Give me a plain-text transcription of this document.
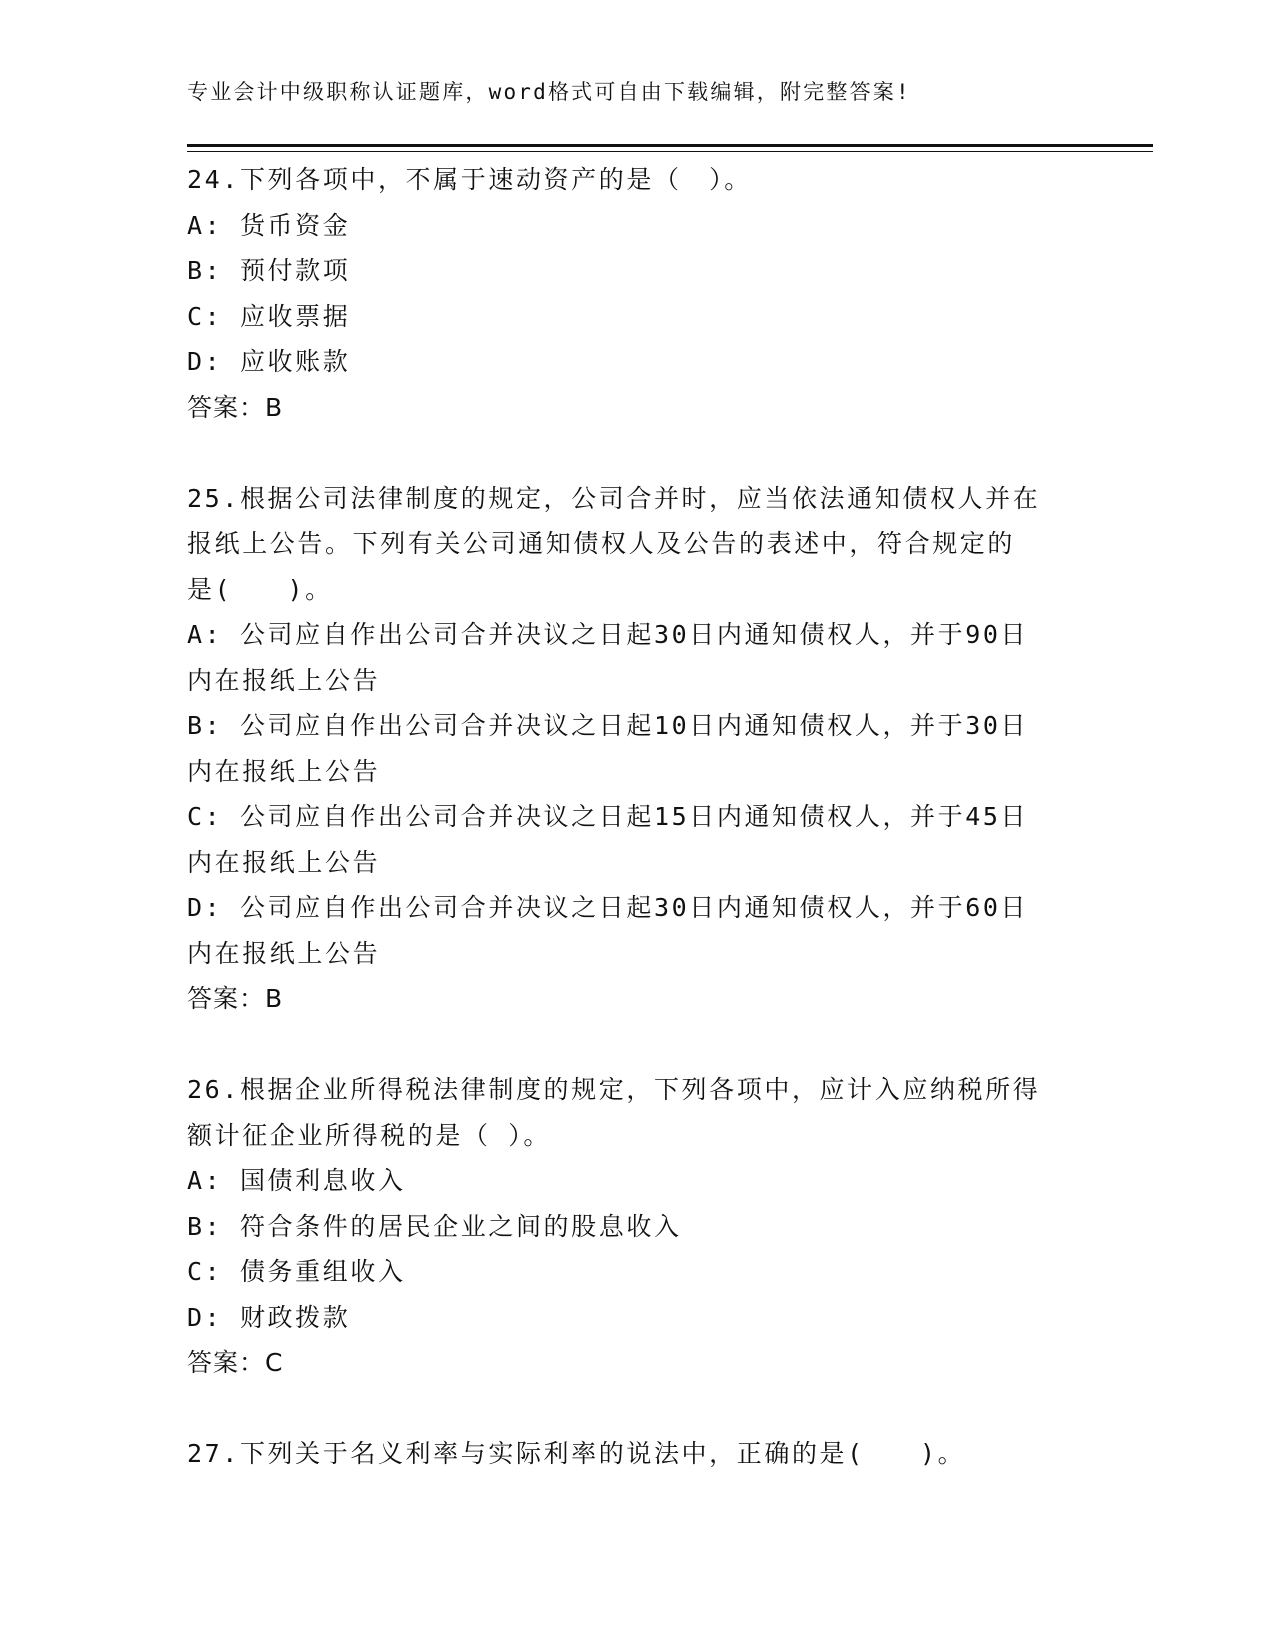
专业会计中级职称认证题库，word格式可自由下载编辑，附完整答案!
24.下列各项中，不属于速动资产的是（　）。
A: 货币资金
B: 预付款项
C: 应收票据
D: 应收账款
答案：B
25.根据公司法律制度的规定，公司合并时，应当依法通知债权人并在
报纸上公告。下列有关公司通知债权人及公告的表述中，符合规定的
是(　　)。
A: 公司应自作出公司合并决议之日起30日内通知债权人，并于90日
内在报纸上公告
B: 公司应自作出公司合并决议之日起10日内通知债权人，并于30日
内在报纸上公告
C: 公司应自作出公司合并决议之日起15日内通知债权人，并于45日
内在报纸上公告
D: 公司应自作出公司合并决议之日起30日内通知债权人，并于60日
内在报纸上公告
答案：B
26.根据企业所得税法律制度的规定，下列各项中，应计入应纳税所得
额计征企业所得税的是（ ）。
A: 国债利息收入
B: 符合条件的居民企业之间的股息收入
C: 债务重组收入
D: 财政拨款
答案：C
27.下列关于名义利率与实际利率的说法中，正确的是(　　)。
